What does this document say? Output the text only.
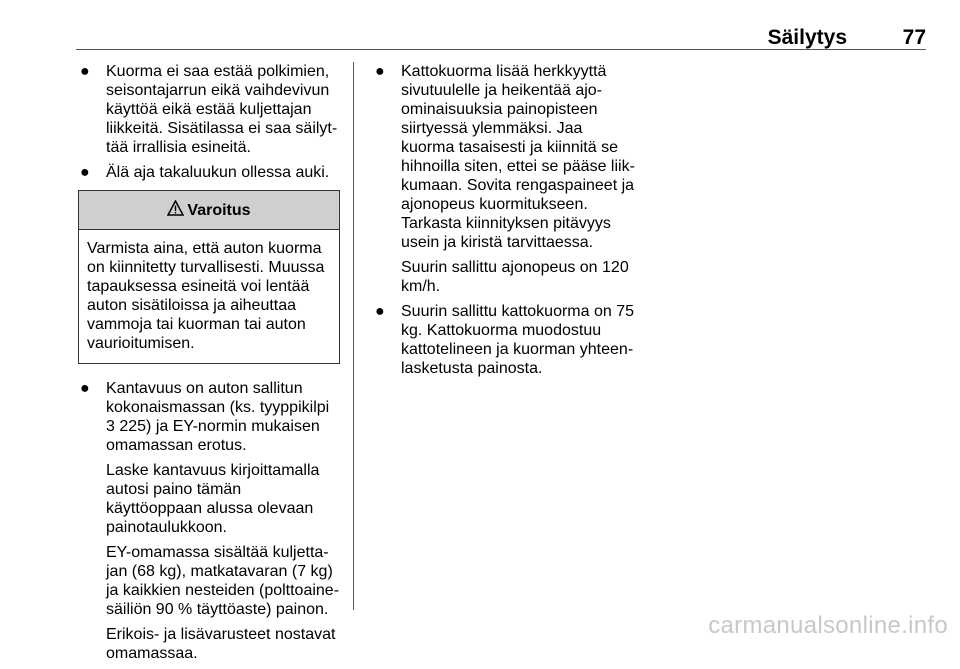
Säilytys	77
● Kuorma ei saa estää polkimien, seisontajarrun eikä vaihdevivun käyttöä eikä estää kuljettajan liikkeitä. Sisätilassa ei saa säilyttää irrallisia esineitä.

● Älä aja takaluukun ollessa auki.

Varoitus
Varmista aina, että auton kuorma on kiinnitetty turvallisesti. Muussa tapauksessa esineitä voi lentää auton sisätiloissa ja aiheuttaa vammoja tai kuorman tai auton vaurioitumisen.
● Kantavuus on auton sallitun kokonaismassan (ks. tyyppikilpi 3 225) ja EY-normin mukaisen omamassan erotus.

Laske kantavuus kirjoittamalla autosi paino tämän käyttöoppaan alussa olevaan painotaulukkoon.

EY-omamassa sisältää kuljettajan (68 kg), matkatavaran (7 kg) ja kaikkien nesteiden (polttoainesäiliön 90 % täyttöaste) painon.

Erikois- ja lisävarusteet nostavat omamassaa.

● Kattokuorma lisää herkkyyttä sivutuulelle ja heikentää ajo-ominaisuuksia painopisteen siirtyessä ylemmäksi. Jaa kuorma tasaisesti ja kiinnitä se hihnoilla siten, ettei se pääse liikkumaan. Sovita rengaspaineet ja ajonopeus kuormitukseen. Tarkasta kiinnityksen pitävyys usein ja kiristä tarvittaessa.

Suurin sallittu ajonopeus on 120 km/h.

● Suurin sallittu kattokuorma on 75 kg. Kattokuorma muodostuu kattotelineen ja kuorman yhteenlasketusta painosta.

carmanualsonline.info
